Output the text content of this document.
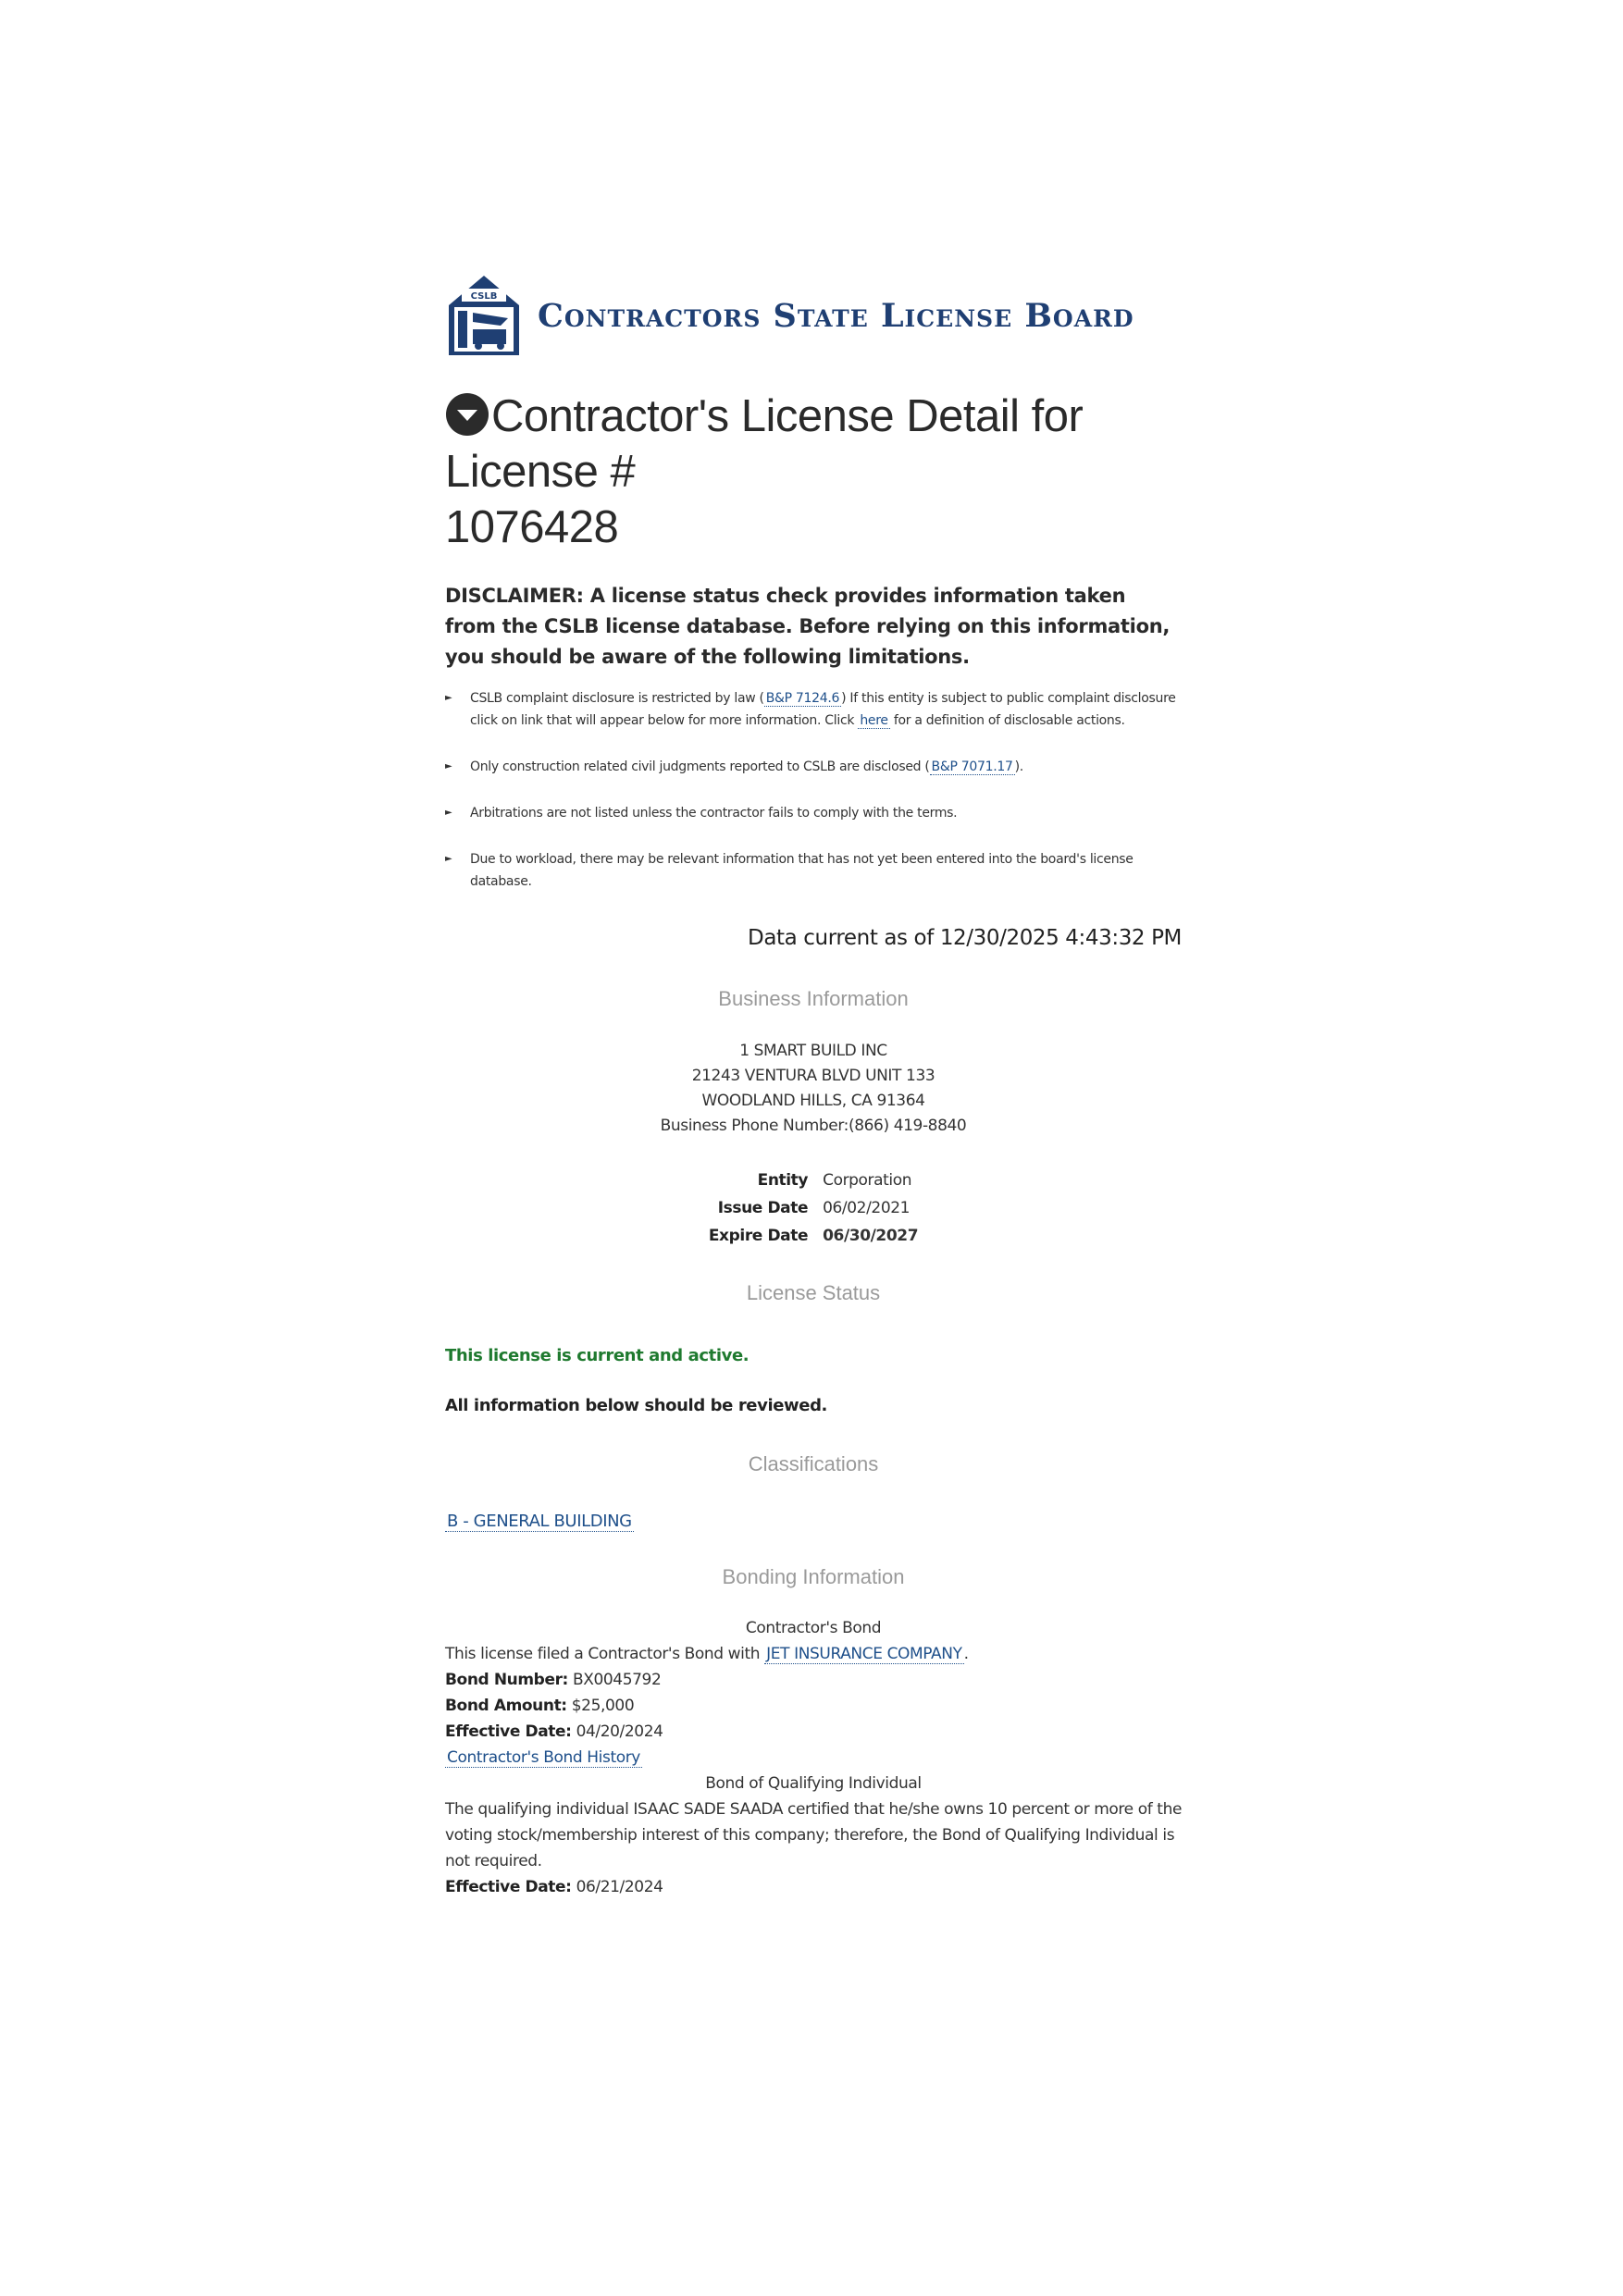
CSLB Contractors State License Board
Contractor's License Detail for License #
1076428
DISCLAIMER: A license status check provides information taken from the CSLB license database. Before relying on this information, you should be aware of the following limitations.
► CSLB complaint disclosure is restricted by law ( B&P 7124.6 ) If this entity is subject to public complaint disclosure click on link that will appear below for more information. Click here for a definition of disclosable actions.
► Only construction related civil judgments reported to CSLB are disclosed ( B&P 7071.17 ).
► Arbitrations are not listed unless the contractor fails to comply with the terms.
► Due to workload, there may be relevant information that has not yet been entered into the board's license database.
Data current as of 12/30/2025 4:43:32 PM
Business Information
1 SMART BUILD INC
21243 VENTURA BLVD UNIT 133
WOODLAND HILLS, CA 91364
Business Phone Number:(866) 419-8840
Entity	Corporation
Issue Date	06/02/2021
Expire Date	06/30/2027
License Status
This license is current and active.
All information below should be reviewed.
Classifications
B - GENERAL BUILDING
Bonding Information
Contractor's Bond
This license filed a Contractor's Bond with JET INSURANCE COMPANY .
Bond Number: BX0045792
Bond Amount: $25,000
Effective Date: 04/20/2024
Contractor's Bond History
Bond of Qualifying Individual
The qualifying individual ISAAC SADE SAADA certified that he/she owns 10 percent or more of the voting stock/membership interest of this company; therefore, the Bond of Qualifying Individual is not required.
Effective Date: 06/21/2024
